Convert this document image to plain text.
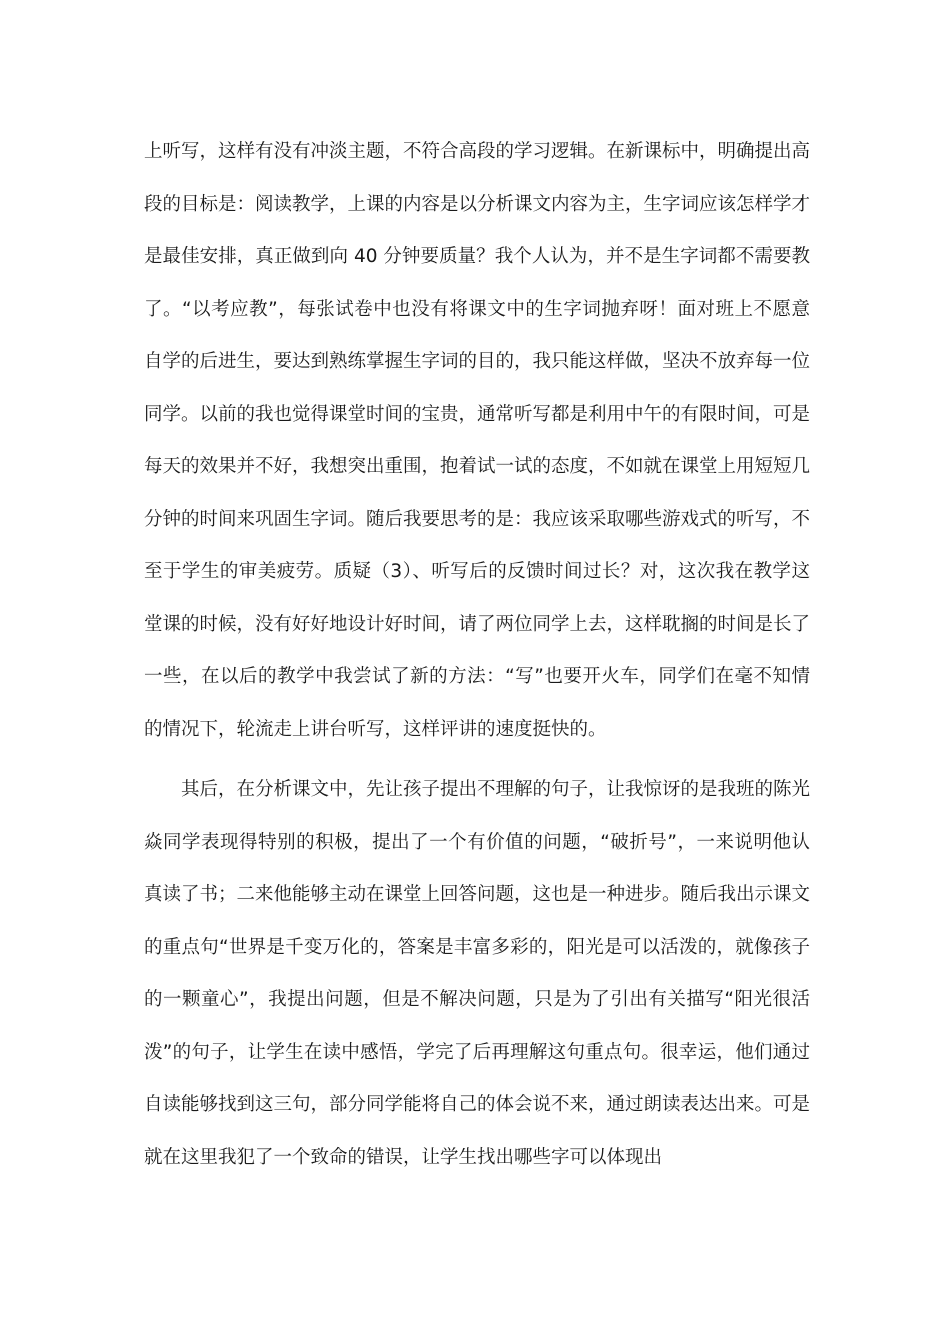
上听写，这样有没有冲淡主题，不符合高段的学习逻辑。在新课标中，明确提出高段的目标是：阅读教学，上课的内容是以分析课文内容为主，生字词应该怎样学才是最佳安排，真正做到向 40 分钟要质量？我个人认为，并不是生字词都不需要教了。“以考应教”，每张试卷中也没有将课文中的生字词抛弃呀！面对班上不愿意自学的后进生，要达到熟练掌握生字词的目的，我只能这样做，坚决不放弃每一位同学。以前的我也觉得课堂时间的宝贵，通常听写都是利用中午的有限时间，可是每天的效果并不好，我想突出重围，抱着试一试的态度，不如就在课堂上用短短几分钟的时间来巩固生字词。随后我要思考的是：我应该采取哪些游戏式的听写，不至于学生的审美疲劳。质疑（3）、听写后的反馈时间过长？对，这次我在教学这堂课的时候，没有好好地设计好时间，请了两位同学上去，这样耽搁的时间是长了一些，在以后的教学中我尝试了新的方法：“写”也要开火车，同学们在毫不知情的情况下，轮流走上讲台听写，这样评讲的速度挺快的。

其后，在分析课文中，先让孩子提出不理解的句子，让我惊讶的是我班的陈光焱同学表现得特别的积极，提出了一个有价值的问题，“破折号”，一来说明他认真读了书；二来他能够主动在课堂上回答问题，这也是一种进步。随后我出示课文的重点句“世界是千变万化的，答案是丰富多彩的，阳光是可以活泼的，就像孩子的一颗童心”，我提出问题，但是不解决问题，只是为了引出有关描写“阳光很活泼”的句子，让学生在读中感悟，学完了后再理解这句重点句。很幸运，他们通过自读能够找到这三句，部分同学能将自己的体会说不来，通过朗读表达出来。可是就在这里我犯了一个致命的错误，让学生找出哪些字可以体现出
